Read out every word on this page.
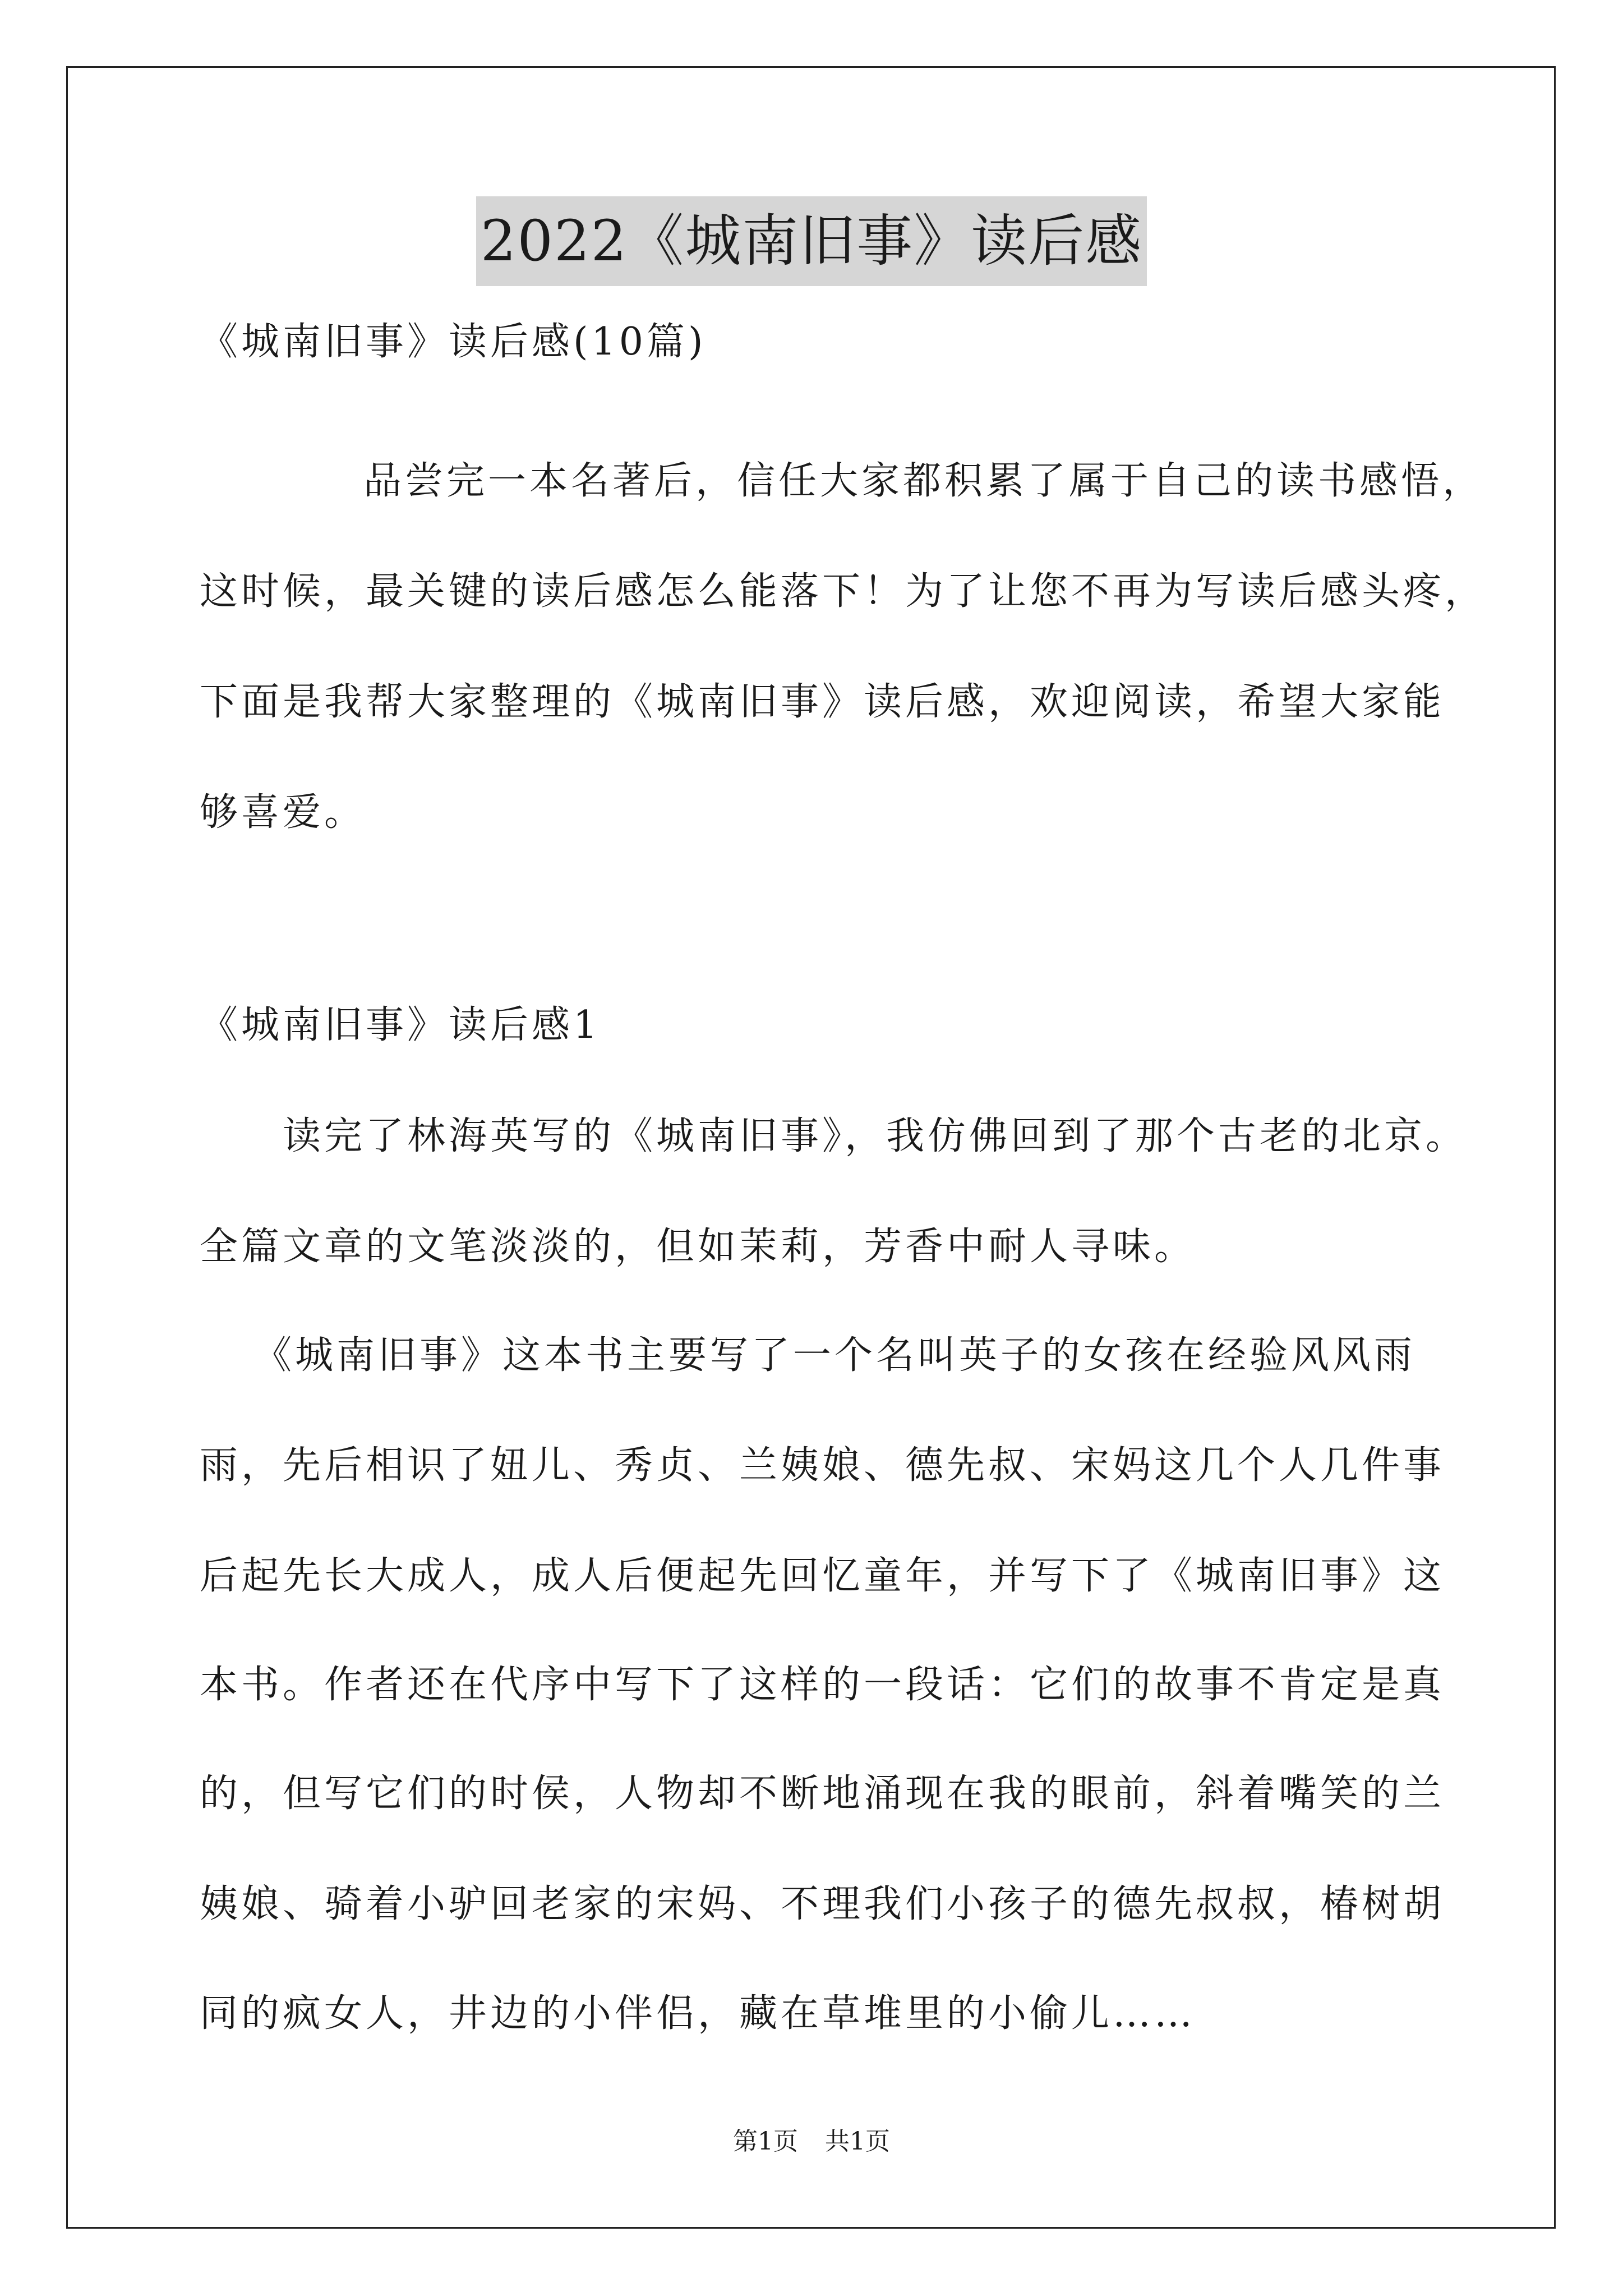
2022《城南旧事》读后感
《城南旧事》读后感(10篇)
品尝完一本名著后，信任大家都积累了属于自己的读书感悟，
这时候，最关键的读后感怎么能落下！为了让您不再为写读后感头疼，
下面是我帮大家整理的《城南旧事》读后感，欢迎阅读，希望大家能
够喜爱。
《城南旧事》读后感1
读完了林海英写的《城南旧事》，我仿佛回到了那个古老的北京。
全篇文章的文笔淡淡的，但如茉莉，芳香中耐人寻味。
《城南旧事》这本书主要写了一个名叫英子的女孩在经验风风雨
雨，先后相识了妞儿、秀贞、兰姨娘、德先叔、宋妈这几个人几件事
后起先长大成人，成人后便起先回忆童年，并写下了《城南旧事》这
本书。作者还在代序中写下了这样的一段话：它们的故事不肯定是真
的，但写它们的时侯，人物却不断地涌现在我的眼前，斜着嘴笑的兰
姨娘、骑着小驴回老家的宋妈、不理我们小孩子的德先叔叔，椿树胡
同的疯女人，井边的小伴侣，藏在草堆里的小偷儿……
第1页 共1页
